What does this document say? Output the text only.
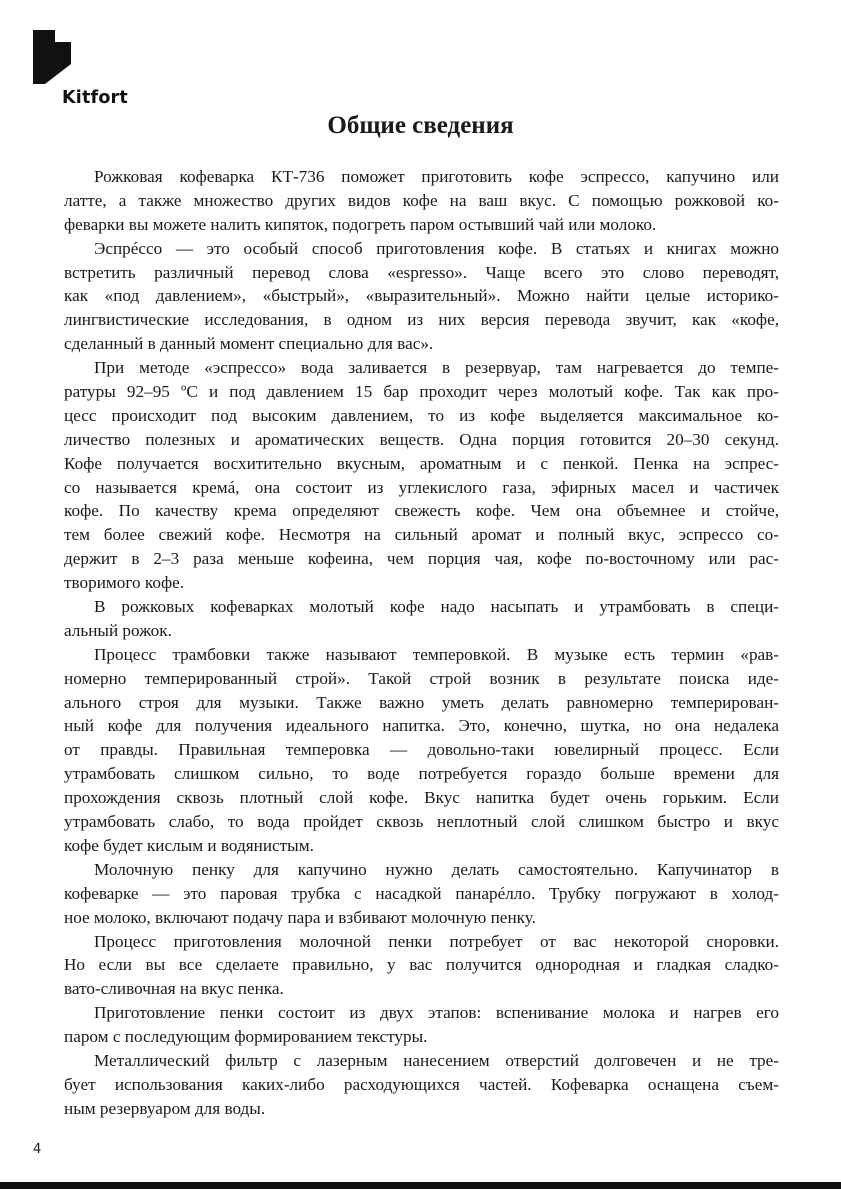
Kitfort
Общие сведения
Рожковая кофеварка КТ-736 поможет приготовить кофе эспрессо, капучино или
латте, а также множество других видов кофе на ваш вкус. С помощью рожковой ко-
феварки вы можете налить кипяток, подогреть паром остывший чай или молоко.
Эспрéссо — это особый способ приготовления кофе. В статьях и книгах можно
встретить различный перевод слова «espresso». Чаще всего это слово переводят,
как «под давлением», «быстрый», «выразительный». Можно найти целые историко-
лингвистические исследования, в одном из них версия перевода звучит, как «кофе,
сделанный в данный момент специально для вас».
При методе «эспрессо» вода заливается в резервуар, там нагревается до темпе-
ратуры 92–95 ºС и под давлением 15 бар проходит через молотый кофе. Так как про-
цесс происходит под высоким давлением, то из кофе выделяется максимальное ко-
личество полезных и ароматических веществ. Одна порция готовится 20–30 секунд.
Кофе получается восхитительно вкусным, ароматным и с пенкой. Пенка на эспрес-
со называется кремá, она состоит из углекислого газа, эфирных масел и частичек
кофе. По качеству крема определяют свежесть кофе. Чем она объемнее и стойче,
тем более свежий кофе. Несмотря на сильный аромат и полный вкус, эспрессо со-
держит в 2–3 раза меньше кофеина, чем порция чая, кофе по-восточному или рас-
творимого кофе.
В рожковых кофеварках молотый кофе надо насыпать и утрамбовать в специ-
альный рожок.
Процесс трамбовки также называют темперовкой. В музыке есть термин «рав-
номерно темперированный строй». Такой строй возник в результате поиска иде-
ального строя для музыки. Также важно уметь делать равномерно темперирован-
ный кофе для получения идеального напитка. Это, конечно, шутка, но она недалека
от правды. Правильная темперовка — довольно-таки ювелирный процесс. Если
утрамбовать слишком сильно, то воде потребуется гораздо больше времени для
прохождения сквозь плотный слой кофе. Вкус напитка будет очень горьким. Если
утрамбовать слабо, то вода пройдет сквозь неплотный слой слишком быстро и вкус
кофе будет кислым и водянистым.
Молочную пенку для капучино нужно делать самостоятельно. Капучинатор в
кофеварке — это паровая трубка с насадкой панарéлло. Трубку погружают в холод-
ное молоко, включают подачу пара и взбивают молочную пенку.
Процесс приготовления молочной пенки потребует от вас некоторой сноровки.
Но если вы все сделаете правильно, у вас получится однородная и гладкая сладко-
вато-сливочная на вкус пенка.
Приготовление пенки состоит из двух этапов: вспенивание молока и нагрев его
паром с последующим формированием текстуры.
Металлический фильтр с лазерным нанесением отверстий долговечен и не тре-
бует использования каких-либо расходующихся частей. Кофеварка оснащена съем-
ным резервуаром для воды.
4
